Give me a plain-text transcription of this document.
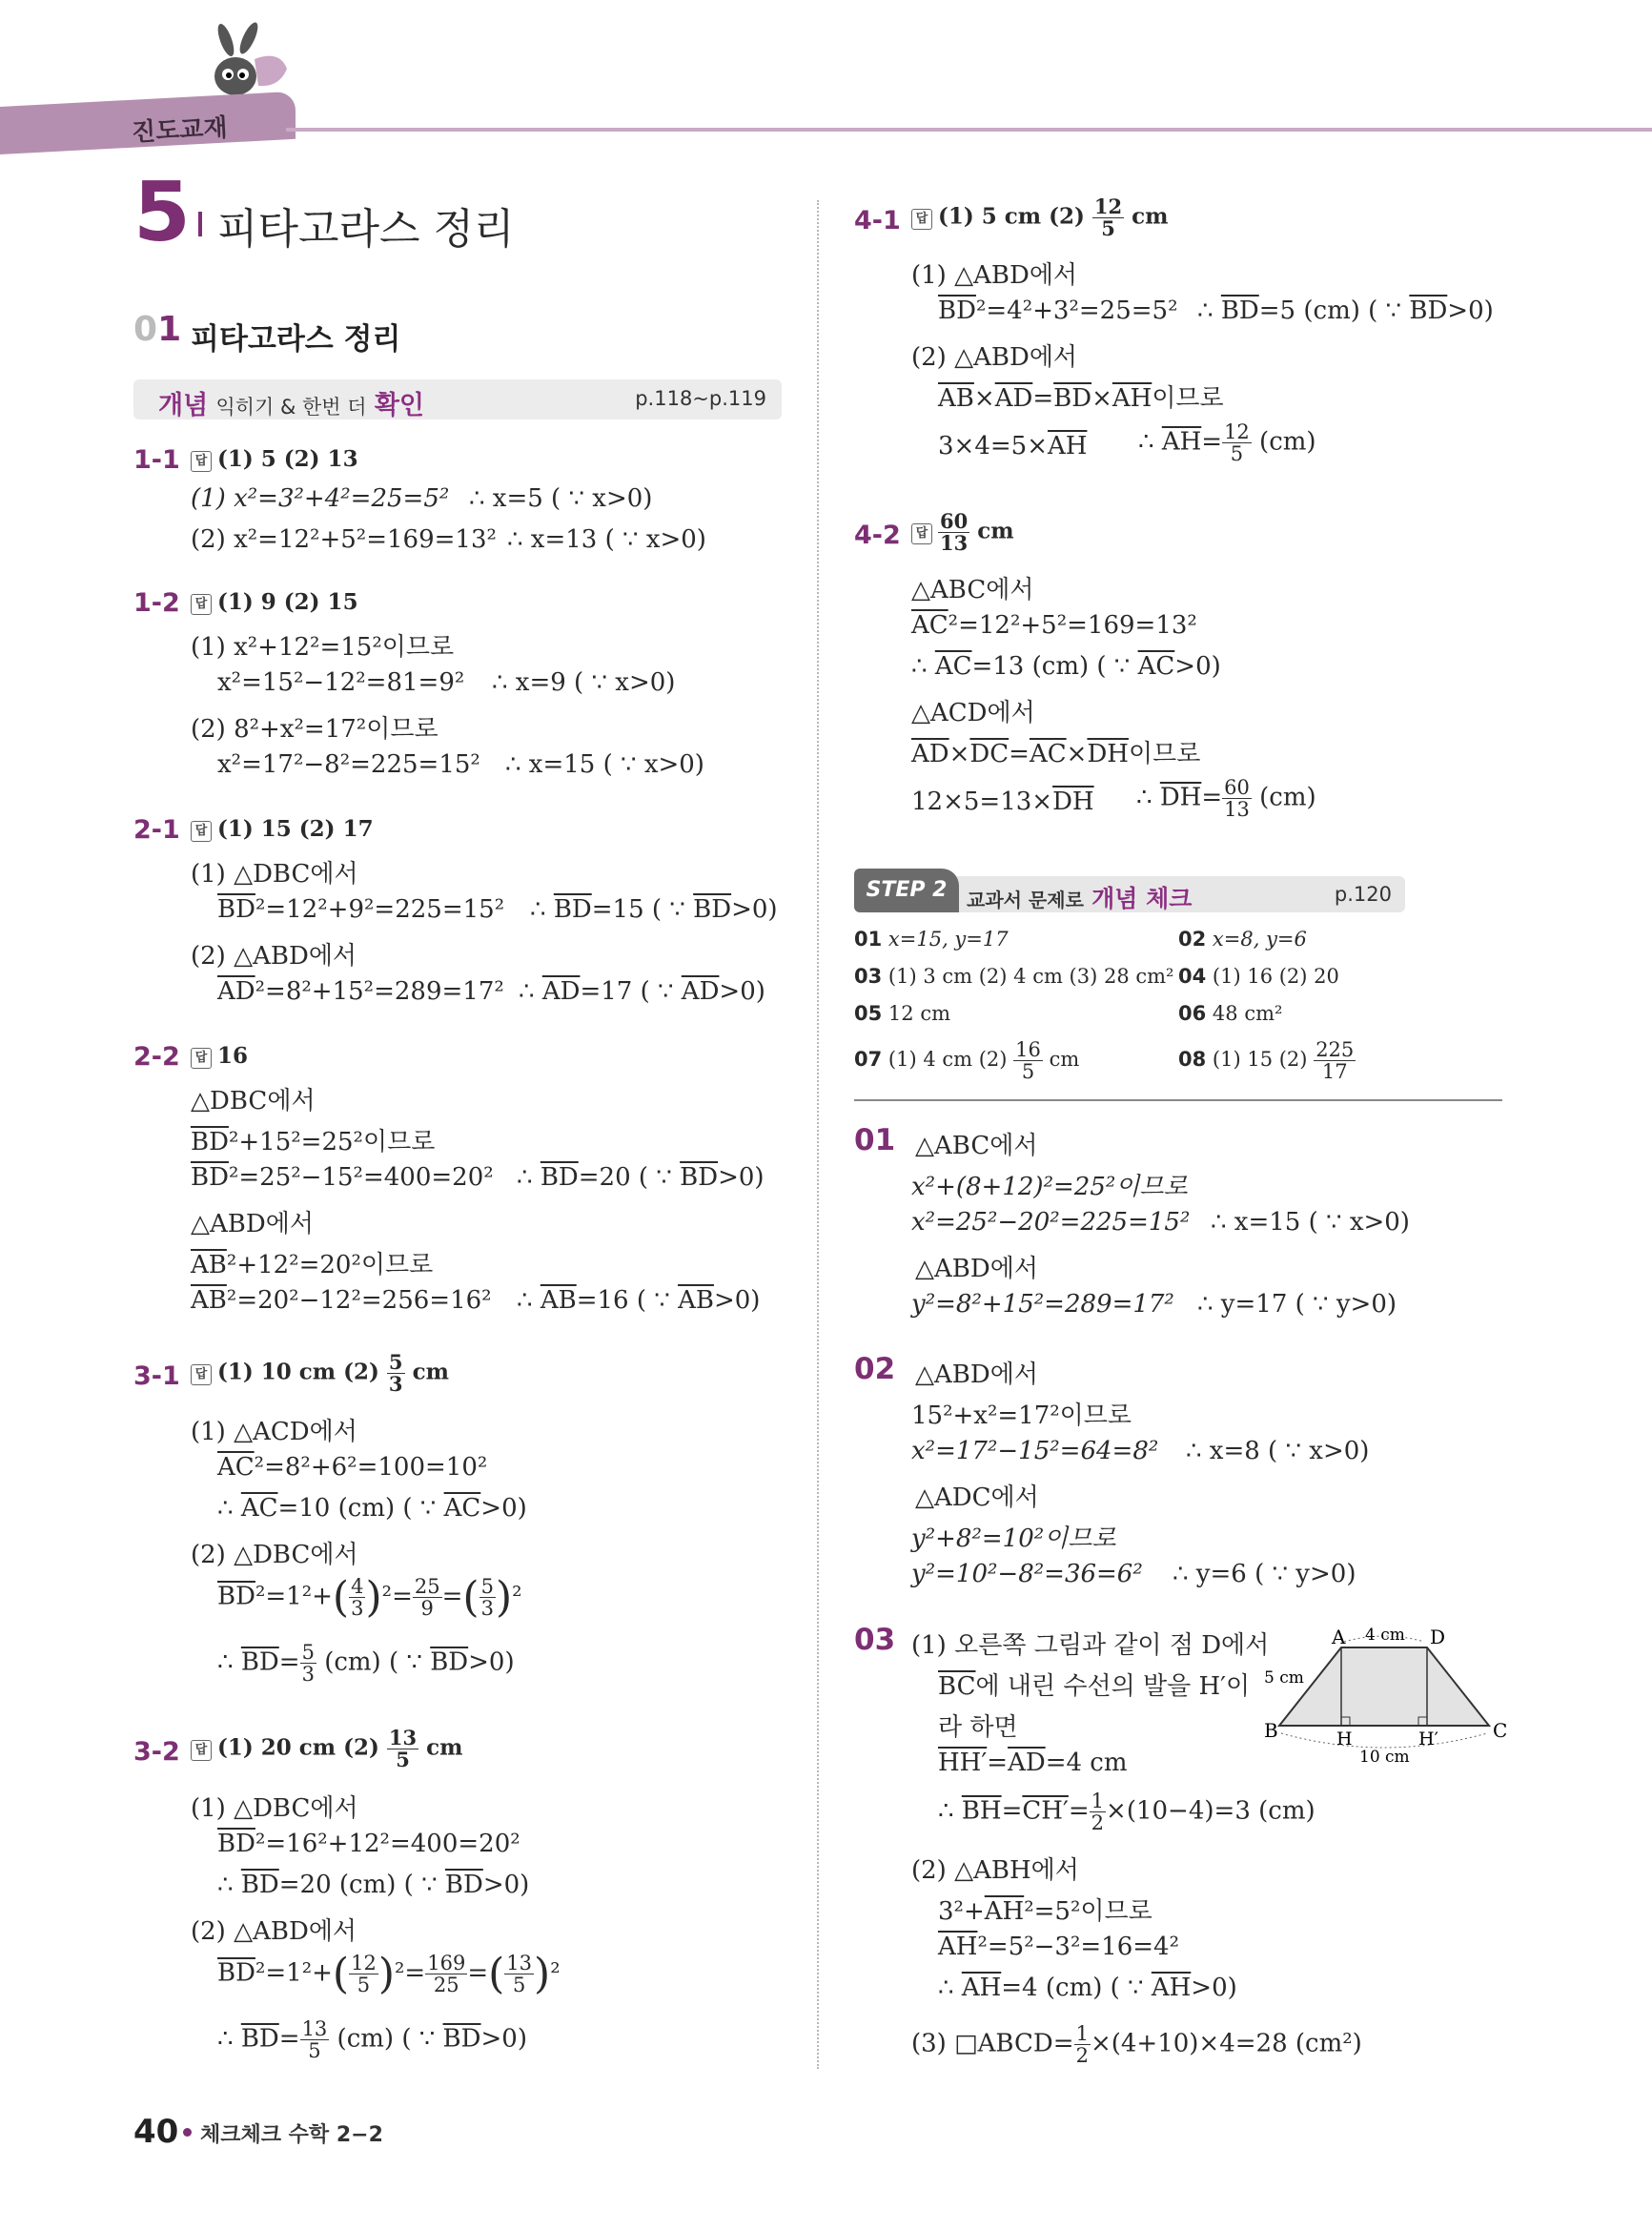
진도교재
5 피타고라스 정리
01 피타고라스 정리
개념 익히기 & 한번 더 확인	p.118~p.119
1-1	답 (1) 5 (2) 13
(1) x²=3²+4²=25=5² ∴ x=5 ( ∵ x>0)
(2) x²=12²+5²=169=13² ∴ x=13 ( ∵ x>0)
1-2	답 (1) 9 (2) 15
(1) x²+12²=15²이므로
x²=15²−12²=81=9² ∴ x=9 ( ∵ x>0)
(2) 8²+x²=17²이므로
x²=17²−8²=225=15² ∴ x=15 ( ∵ x>0)
2-1	답 (1) 15 (2) 17
(1) △DBC에서
$\overline{BD}^2=12^2+9^2=225=15^2$ ∴ $\overline{BD}=15$ ( ∵ $\overline{BD}>0$)
(2) △ABD에서
$\overline{AD}^2=8^2+15^2=289=17^2$ ∴ $\overline{AD}=17$ ( ∵ $\overline{AD}>0$)
2-2	답 16
△DBC에서
$\overline{BD}^2+15^2=25^2$이므로
$\overline{BD}^2=25^2-15^2=400=20^2$ ∴ $\overline{BD}=20$ ( ∵ $\overline{BD}>0$)
△ABD에서
$\overline{AB}^2+12^2=20^2$이므로
$\overline{AB}^2=20^2-12^2=256=16^2$ ∴ $\overline{AB}=16$ ( ∵ $\overline{AB}>0$)
3-1	답 (1) 10 cm $(2) \frac{5}{3}$ cm
(1) △ACD에서
$\overline{AC}^2=8^2+6^2=100=10^2$
∴ $\overline{AC}=10$ (cm) ( ∵ $\overline{AC}>0$)
(2) △DBC에서
$\overline{BD}^2=1^2+( \frac{4}{3} )^2= \frac{25}{9}$ =( $\frac{5}{3} )^2$
∴ $\overline{BD}= \frac{5}{3} (cm)$ ( ∵ $\overline{BD}>0$)
3-2	답 (1) 20 cm $(2) \frac{13}{5}$ cm
(1) △DBC에서
$\overline{BD}^2=16^2+12^2=400=20^2$
∴ $\overline{BD}=20$ (cm) ( ∵ $\overline{BD}>0$)
(2) △ABD에서
$\overline{BD}^2=1^2+( \frac{12}{5} )^2= \frac{169}{25}$ =( $\frac{13}{5} )^2$
∴ $\overline{BD}= \frac{13}{5} (cm)$ ( ∵ $\overline{BD}>0$)
4-1	답 (1) 5 cm $(2) \frac{12}{5}$ cm
(1) △ABD에서
$\overline{BD}^2=4^2+3^2=25=5^2$ ∴ $\overline{BD}=5$ (cm) ( ∵ $\overline{BD}>0$)
(2) △ABD에서
$\overline{AB}\times\overline{AD}=\overline{BD}\times\overline{AH}$이므로
$3\times 4=5\times\overline{AH}$ ∴ $\overline{AH}= \frac{12}{5} (cm)$
4-2	답 $\frac{60}{13}$ cm
△ABC에서
$\overline{AC}^2=12^2+5^2=169=13^2$
∴ $\overline{AC}=13$ (cm) ( ∵ $\overline{AC}>0$)
△ACD에서
$\overline{AD}\times\overline{DC}=\overline{AC}\times\overline{DH}$이므로
$12\times 5=13\times\overline{DH}$ ∴ $\overline{DH}= \frac{60}{13} (cm)$
교과서 문제로 개념 체크	p.120
STEP 2
01 x=15, y=17	02 x=8, y=6
03 (1) 3 cm (2) 4 cm (3) 28 cm² 04 (1) 16 (2) 20
05 12 cm	06 48 cm²
07 (1) 4 cm $(2) \frac{16}{5}$ cm	08 (1) 15 $(2) \frac{225}{17}$
01 △ABC에서
x²+(8+12)²=25²이므로
x²=25²−20²=225=15² ∴ x=15 ( ∵ x>0)
△ABD에서
y²=8²+15²=289=17² ∴ y=17 ( ∵ y>0)
02 △ABD에서
15²+x²=17²이므로
x²=17²−15²=64=8² ∴ x=8 ( ∵ x>0)
△ADC에서
y²+8²=10²이므로
y²=10²−8²=36=6² ∴ y=6 ( ∵ y>0)
03 (1) 오른쪽 그림과 같이 점 D에서
$\overline{BC}$에 내린 수선의 발을 H′이
라 하면
$HH'=\overline{AD}=4$ cm
∴ $\overline{BH}=CH'= \frac{1}{2} \times(10-4)=3$ (cm)
(2) △ABH에서
$3^2+\overline{AH}^2=5^2$이므로
$\overline{AH}^2=5^2-3^2=16=4^2$
∴ $\overline{AH}=4$ (cm) ( ∵ $\overline{AH}>0$)
(3) □ABCD= $\frac{1}{2} \times(4+10)\times 4=28$ (cm²)
A	D
B	C
H	H′
4 cm
5 cm
10 cm
40 체크체크 수학 2−2
